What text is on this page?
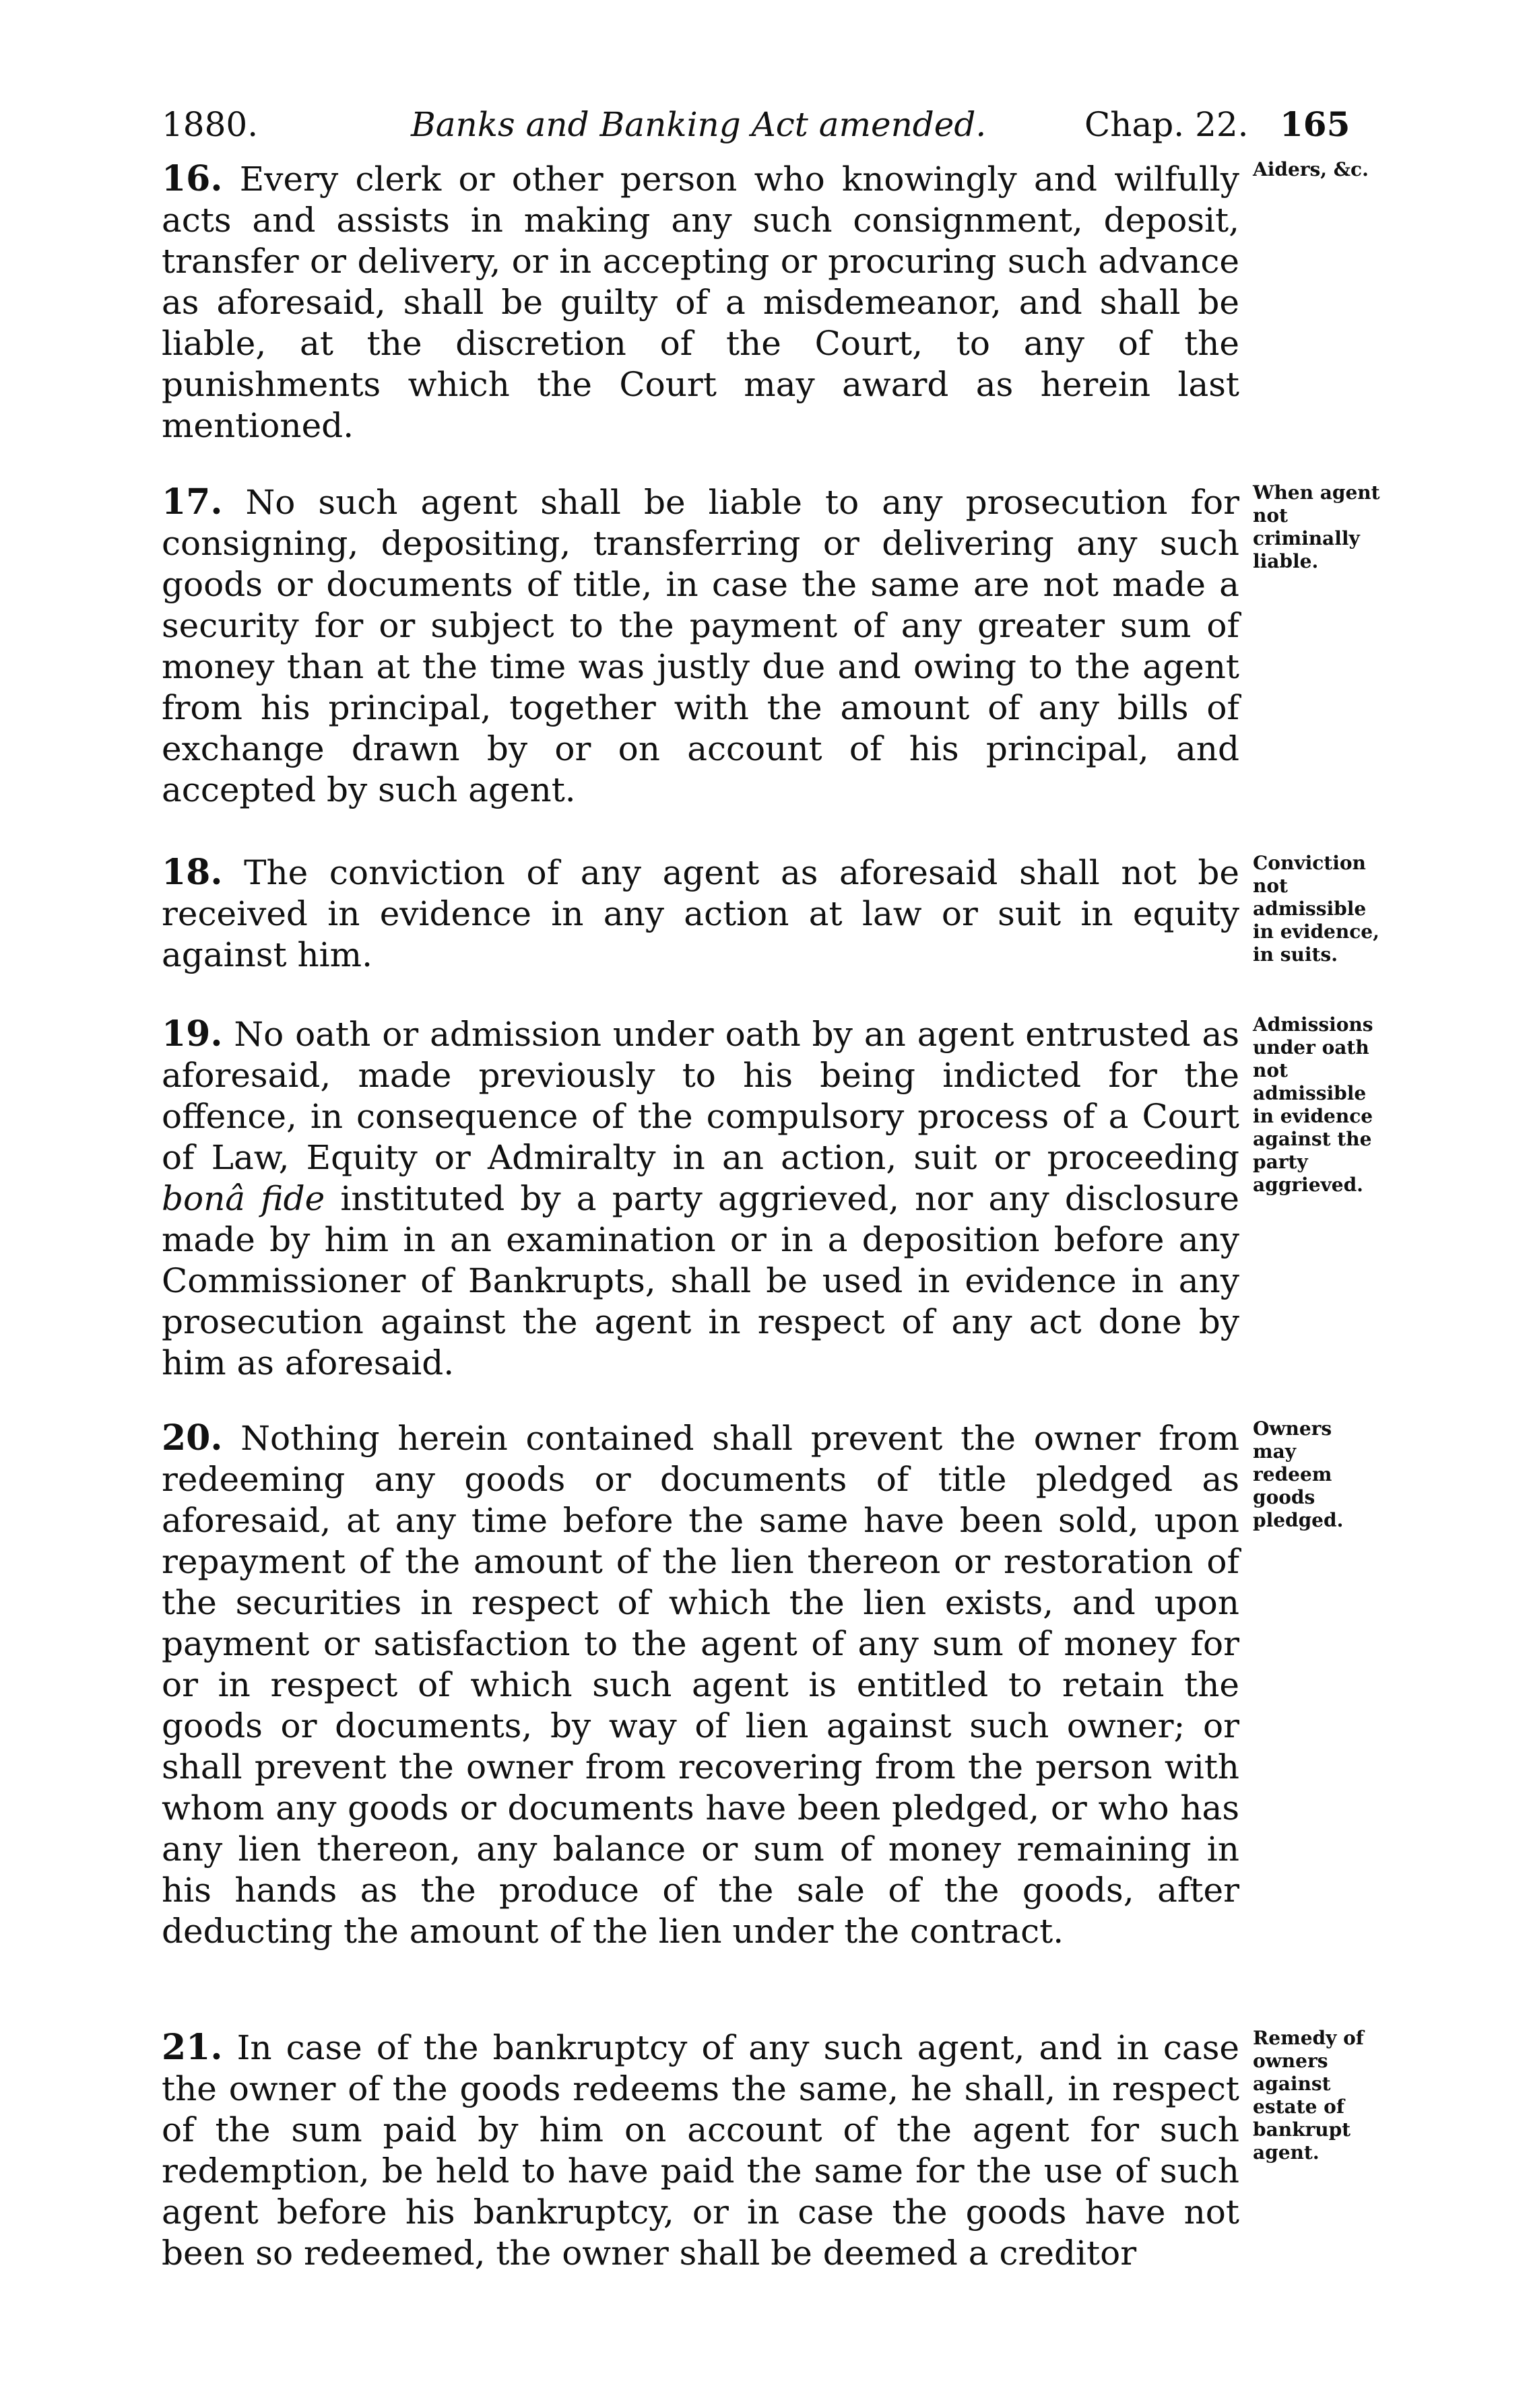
1880.	Banks and Banking Act amended.	Chap. 22. 165

16. Every clerk or other person who knowingly and wilfully acts and assists in making any such consignment, deposit, transfer or delivery, or in accepting or procuring such advance as aforesaid, shall be guilty of a misdemeanor, and shall be liable, at the discretion of the Court, to any of the punishments which the Court may award as herein last mentioned.

Aiders, &c.

17. No such agent shall be liable to any prosecution for consigning, depositing, transferring or delivering any such goods or documents of title, in case the same are not made a security for or subject to the payment of any greater sum of money than at the time was justly due and owing to the agent from his principal, together with the amount of any bills of exchange drawn by or on account of his principal, and accepted by such agent.

When agent not criminally liable.

18. The conviction of any agent as aforesaid shall not be received in evidence in any action at law or suit in equity against him.

Conviction not admissible in evidence, in suits.

19. No oath or admission under oath by an agent entrusted as aforesaid, made previously to his being indicted for the offence, in consequence of the compulsory process of a Court of Law, Equity or Admiralty in an action, suit or proceeding bonâ fide instituted by a party aggrieved, nor any disclosure made by him in an examination or in a deposition before any Commissioner of Bankrupts, shall be used in evidence in any prosecution against the agent in respect of any act done by him as aforesaid.

Admissions under oath not admissible in evidence against the party aggrieved.

20. Nothing herein contained shall prevent the owner from redeeming any goods or documents of title pledged as aforesaid, at any time before the same have been sold, upon repayment of the amount of the lien thereon or restoration of the securities in respect of which the lien exists, and upon payment or satisfaction to the agent of any sum of money for or in respect of which such agent is entitled to retain the goods or documents, by way of lien against such owner; or shall prevent the owner from recovering from the person with whom any goods or documents have been pledged, or who has any lien thereon, any balance or sum of money remaining in his hands as the produce of the sale of the goods, after deducting the amount of the lien under the contract.

Owners may redeem goods pledged.

21. In case of the bankruptcy of any such agent, and in case the owner of the goods redeems the same, he shall, in respect of the sum paid by him on account of the agent for such redemption, be held to have paid the same for the use of such agent before his bankruptcy, or in case the goods have not been so redeemed, the owner shall be deemed a creditor

Remedy of owners against estate of bankrupt agent.
